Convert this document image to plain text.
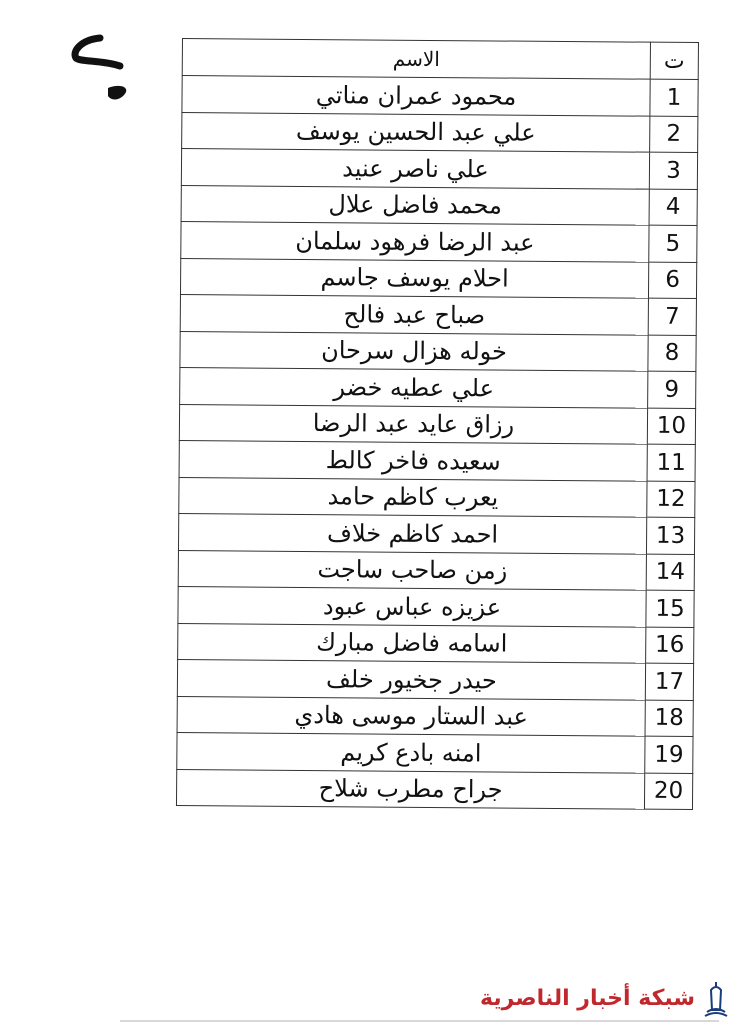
الاسم	ت
محمود عمران مناتي	1
علي عبد الحسين يوسف	2
علي ناصر عنيد	3
محمد فاضل علال	4
عبد الرضا فرهود سلمان	5
احلام يوسف جاسم	6
صباح عبد فالح	7
خوله هزال سرحان	8
علي عطيه خضر	9
رزاق عايد عبد الرضا	10
سعيده فاخر كالط	11
يعرب كاظم حامد	12
احمد كاظم خلاف	13
زمن صاحب ساجت	14
عزيزه عباس عبود	15
اسامه فاضل مبارك	16
حيدر جخيور خلف	17
عبد الستار موسى هادي	18
امنه بادع كريم	19
جراح مطرب شلاح	20
شبكة أخبار الناصرية
